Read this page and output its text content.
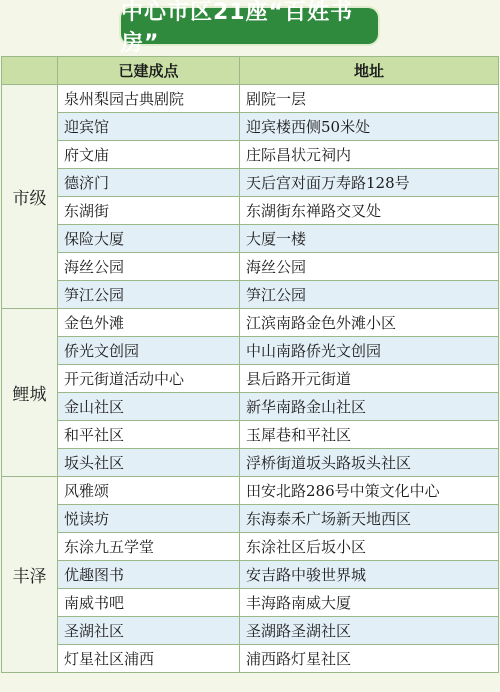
中心市区21座“百姓书房”
	已建成点	地址
市级	泉州梨园古典剧院	剧院一层
	迎宾馆	迎宾楼西侧50米处
	府文庙	庄际昌状元祠内
	德济门	天后宫对面万寿路128号
	东湖街	东湖街东禅路交叉处
	保险大厦	大厦一楼
	海丝公园	海丝公园
	笋江公园	笋江公园
鲤城	金色外滩	江滨南路金色外滩小区
	侨光文创园	中山南路侨光文创园
	开元街道活动中心	县后路开元街道
	金山社区	新华南路金山社区
	和平社区	玉犀巷和平社区
	坂头社区	浮桥街道坂头路坂头社区
丰泽	风雅颂	田安北路286号中策文化中心
	悦读坊	东海泰禾广场新天地西区
	东涂九五学堂	东涂社区后坂小区
	优趣图书	安吉路中骏世界城
	南威书吧	丰海路南威大厦
	圣湖社区	圣湖路圣湖社区
	灯星社区浦西	浦西路灯星社区
